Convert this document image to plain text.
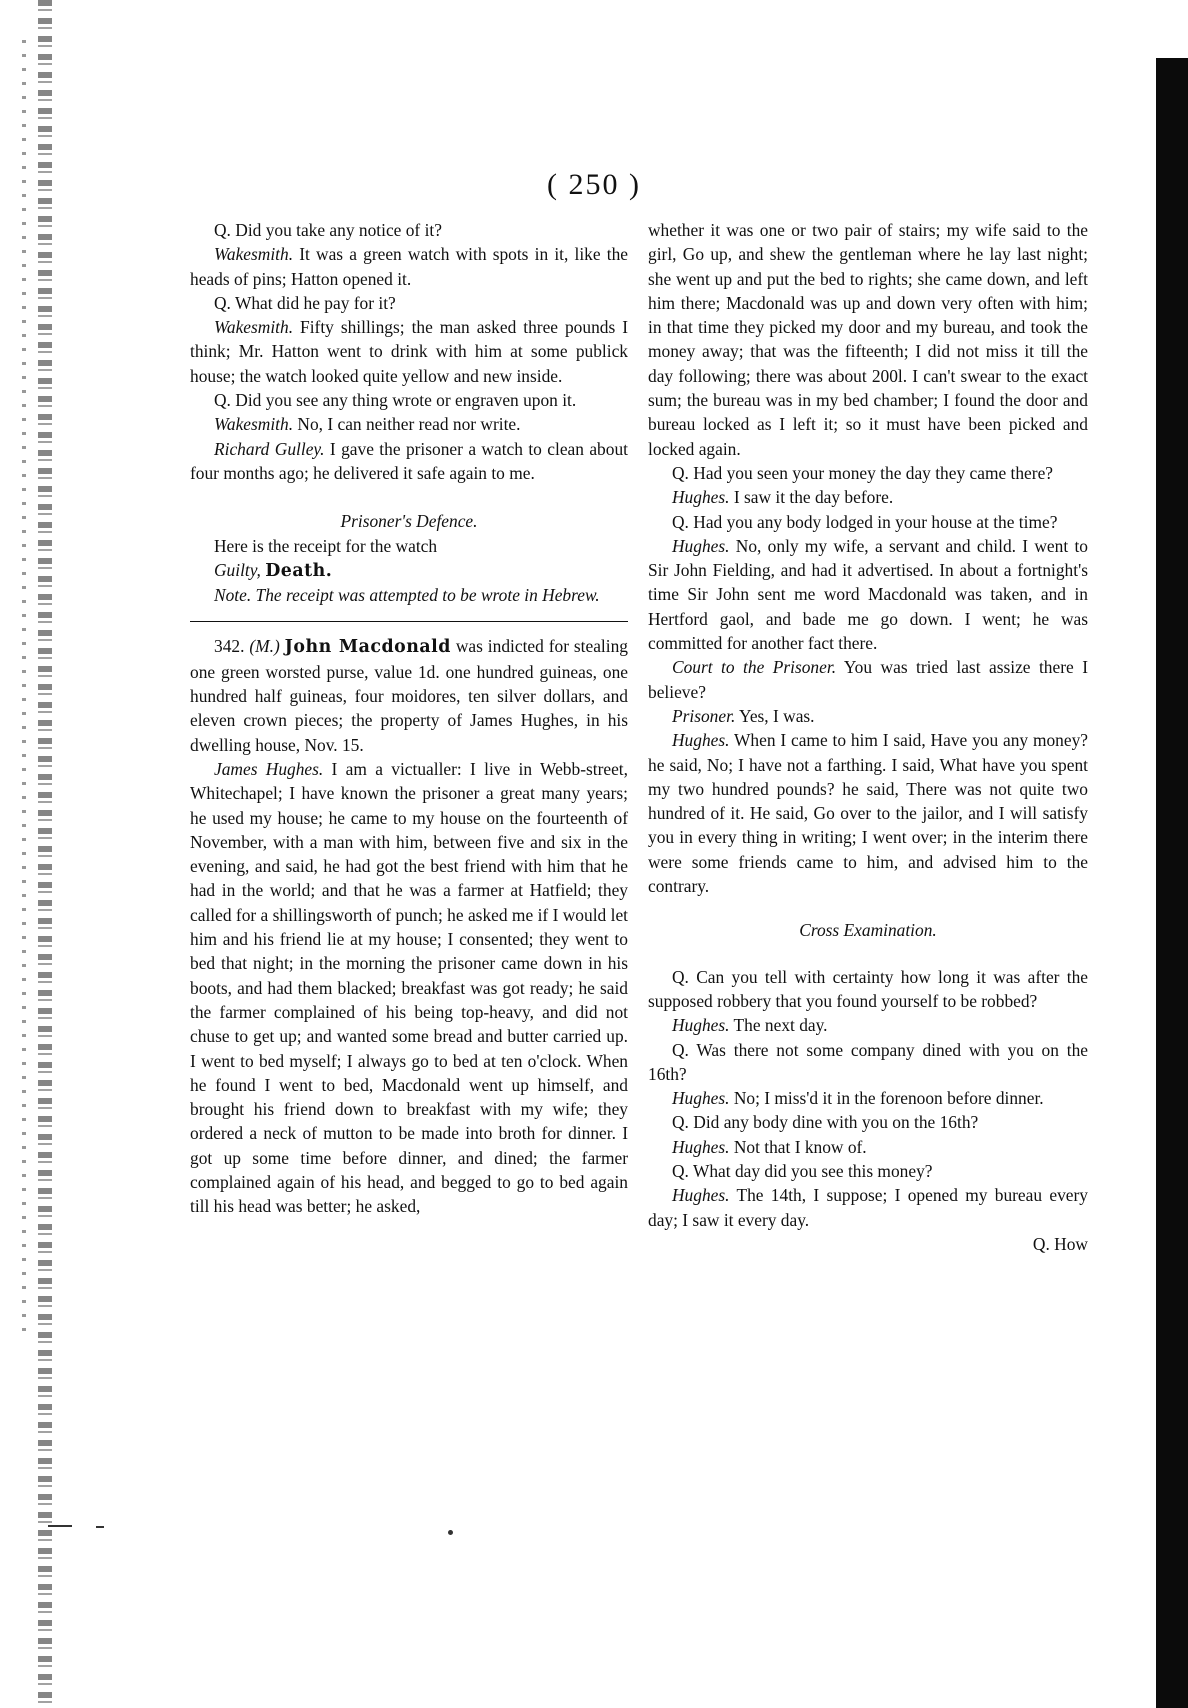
( 250 )

Q. Did you take any notice of it?

Wakesmith. It was a green watch with spots in it, like the heads of pins; Hatton opened it.

Q. What did he pay for it?

Wakesmith. Fifty shillings; the man asked three pounds I think; Mr. Hatton went to drink with him at some publick house; the watch looked quite yellow and new inside.

Q. Did you see any thing wrote or engraven upon it.

Wakesmith. No, I can neither read nor write.

Richard Gulley. I gave the prisoner a watch to clean about four months ago; he delivered it safe again to me.

Prisoner's Defence.

Here is the receipt for the watch

Guilty, Death.

Note. The receipt was attempted to be wrote in Hebrew.

342. (M.) John Macdonald was indicted for stealing one green worsted purse, value 1d. one hundred guineas, one hundred half guineas, four moidores, ten silver dollars, and eleven crown pieces; the property of James Hughes, in his dwelling house, Nov. 15.

James Hughes. I am a victualler: I live in Webb-street, Whitechapel; I have known the prisoner a great many years; he used my house; he came to my house on the fourteenth of November, with a man with him, between five and six in the evening, and said, he had got the best friend with him that he had in the world; and that he was a farmer at Hatfield; they called for a shillingsworth of punch; he asked me if I would let him and his friend lie at my house; I consented; they went to bed that night; in the morning the prisoner came down in his boots, and had them blacked; breakfast was got ready; he said the farmer complained of his being top-heavy, and did not chuse to get up; and wanted some bread and butter carried up. I went to bed myself; I always go to bed at ten o'clock. When he found I went to bed, Macdonald went up himself, and brought his friend down to breakfast with my wife; they ordered a neck of mutton to be made into broth for dinner. I got up some time before dinner, and dined; the farmer complained again of his head, and begged to go to bed again till his head was better; he asked,

whether it was one or two pair of stairs; my wife said to the girl, Go up, and shew the gentleman where he lay last night; she went up and put the bed to rights; she came down, and left him there; Macdonald was up and down very often with him; in that time they picked my door and my bureau, and took the money away; that was the fifteenth; I did not miss it till the day following; there was about 200l. I can't swear to the exact sum; the bureau was in my bed chamber; I found the door and bureau locked as I left it; so it must have been picked and locked again.

Q. Had you seen your money the day they came there?

Hughes. I saw it the day before.

Q. Had you any body lodged in your house at the time?

Hughes. No, only my wife, a servant and child. I went to Sir John Fielding, and had it advertised. In about a fortnight's time Sir John sent me word Macdonald was taken, and in Hertford gaol, and bade me go down. I went; he was committed for another fact there.

Court to the Prisoner. You was tried last assize there I believe?

Prisoner. Yes, I was.

Hughes. When I came to him I said, Have you any money? he said, No; I have not a farthing. I said, What have you spent my two hundred pounds? he said, There was not quite two hundred of it. He said, Go over to the jailor, and I will satisfy you in every thing in writing; I went over; in the interim there were some friends came to him, and advised him to the contrary.

Cross Examination.

Q. Can you tell with certainty how long it was after the supposed robbery that you found yourself to be robbed?

Hughes. The next day.

Q. Was there not some company dined with you on the 16th?

Hughes. No; I miss'd it in the forenoon before dinner.

Q. Did any body dine with you on the 16th?

Hughes. Not that I know of.

Q. What day did you see this money?

Hughes. The 14th, I suppose; I opened my bureau every day; I saw it every day.

Q. How
